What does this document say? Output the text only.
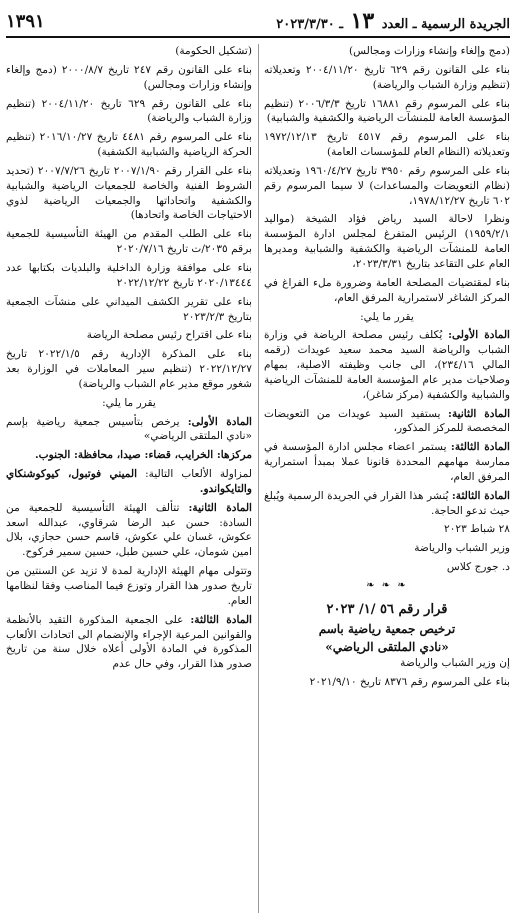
الجريدة الرسمية ـ العدد ١٣ ـ ٢٠٢٣/٣/٣٠
١٣٩١

(دمج وإلغاء وإنشاء وزارات ومجالس)

بناء على القانون رقم ٦٢٩ تاريخ ٢٠٠٤/١١/٢٠ وتعديلاته (تنظيم وزارة الشباب والرياضة)

بناء على المرسوم رقم ١٦٨٨١ تاريخ ٢٠٠٦/٣/٣ (تنظيم المؤسسة العامة للمنشآت الرياضية والكشفية والشبابية)

بناء على المرسوم رقم ٤٥١٧ تاريخ ١٩٧٢/١٢/١٣ وتعديلاته (النظام العام للمؤسسات العامة)

بناء على المرسوم رقم ٣٩٥٠ تاريخ ١٩٦٠/٤/٢٧ وتعديلاته (نظام التعويضات والمساعدات) لا سيما المرسوم رقم ٦٠٢ تاريخ ١٩٧٨/١٢/٢٧،

ونظرا لاحالة السيد رياض فؤاد الشيخة (مواليد ١٩٥٩/٢/١) الرئيس المتفرغ لمجلس ادارة المؤسسة العامة للمنشآت الرياضية والكشفية والشبابية ومديرها العام على التقاعد بتاريخ ٢٠٢٣/٣/٣١،

بناء لمقتضيات المصلحة العامة وضرورة ملء الفراغ في المركز الشاغر لاستمرارية المرفق العام،

يقرر ما يلي:

المادة الأولى: يُكلف رئيس مصلحة الرياضة في وزارة الشباب والرياضة السيد محمد سعيد عويدات (رقمه المالي ٢٣٤/١٦)، الى جانب وظيفته الاصلية، بمهام وصلاحيات مدير عام المؤسسة العامة للمنشآت الرياضية والشبابية والكشفية (مركز شاغر)،

المادة الثانية: يستفيد السيد عويدات من التعويضات المخصصة للمركز المذكور،

المادة الثالثة: يستمر اعضاء مجلس ادارة المؤسسة في ممارسة مهامهم المحددة قانونا عملا بمبدأ استمرارية المرفق العام،

المادة الثالثة: يُنشر هذا القرار في الجريدة الرسمية ويُبلغ حيث تدعو الحاجة.

٢٨ شباط ٢٠٢٣

وزير الشباب والرياضة

د. جورج كلاس

❧ ❧ ❧
قرار رقم ٥٦ /١/ ٢٠٢٣
ترخيص جمعية رياضية باسم
«نادي الملتقى الرياضي»

إن وزير الشباب والرياضة

بناء على المرسوم رقم ٨٣٧٦ تاريخ ٢٠٢١/٩/١٠

(تشكيل الحكومة)

بناء على القانون رقم ٢٤٧ تاريخ ٢٠٠٠/٨/٧ (دمج وإلغاء وإنشاء وزارات ومجالس)

بناء على القانون رقم ٦٢٩ تاريخ ٢٠٠٤/١١/٢٠ (تنظيم وزارة الشباب والرياضة)

بناء على المرسوم رقم ٤٤٨١ تاريخ ٢٠١٦/١٠/٢٧ (تنظيم الحركة الرياضية والشبابية الكشفية)

بناء على القرار رقم ٢٠٠٧/١/٩٠ تاريخ ٢٠٠٧/٧/٢٦ (تحديد الشروط الفنية والخاصة للجمعيات الرياضية والشبابية والكشفية واتحاداتها والجمعيات الرياضية لذوي الاحتياجات الخاصة واتحادها)

بناء على الطلب المقدم من الهيئة التأسيسية للجمعية برقم ٢٠٣٥/ت تاريخ ٢٠٢٠/٧/١٦

بناء على موافقة وزارة الداخلية والبلديات بكتابها عدد ٢٠٢٠/١٣٤٤٤ تاريخ ٢٠٢٢/١٢/٢٢

بناء على تقرير الكشف الميداني على منشآت الجمعية بتاريخ ٢٠٢٣/٢/٣

بناء على اقتراح رئيس مصلحة الرياضة

بناء على المذكرة الإدارية رقم ٢٠٢٢/١/٥ تاريخ ٢٠٢٢/١٢/٢٧ (تنظيم سير المعاملات في الوزارة بعد شغور موقع مدير عام الشباب والرياضة)

يقرر ما يلي:

المادة الأولى: يرخص بتأسيس جمعية رياضية بإسم «نادي الملتقى الرياضي»

مركزها: الخرايب، قضاء: صيدا، محافظة: الجنوب.

لمزاولة الألعاب التالية: الميني فوتبول، كيوكوشنكاي والتايكواندو.

المادة الثانية: تتألف الهيئة التأسيسية للجمعية من السادة: حسن عبد الرضا شرقاوي، عبدالله اسعد عكوش، غسان علي عكوش، قاسم حسن حجازي، بلال امين شومان، علي حسين طبل، حسين سمير فركوح.

وتتولى مهام الهيئة الإدارية لمدة لا تزيد عن السنتين من تاريخ صدور هذا القرار وتوزع فيما المناصب وفقا لنظامها العام.

المادة الثالثة: على الجمعية المذكورة التقيد بالأنظمة والقوانين المرعية الإجراء والإنضمام الى اتحادات الألعاب المذكورة في المادة الأولى أعلاه خلال سنة من تاريخ صدور هذا القرار، وفي حال عدم
